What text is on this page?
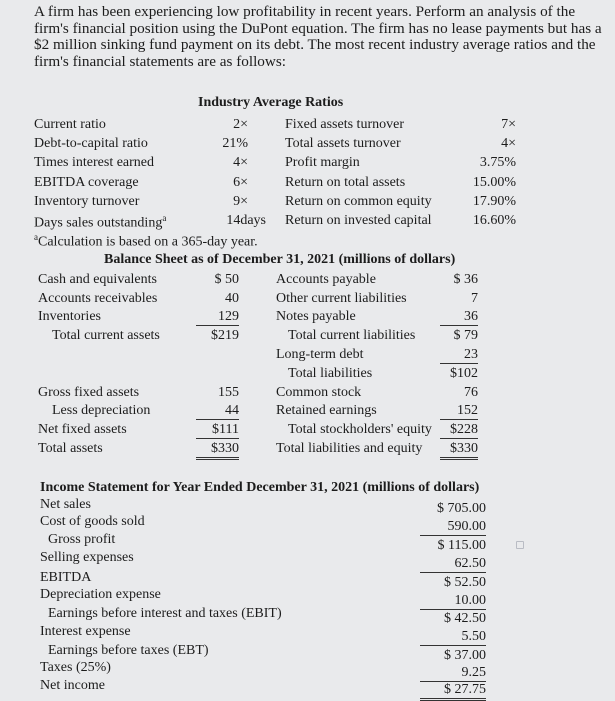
A firm has been experiencing low profitability in recent years. Perform an analysis of the firm's financial position using the DuPont equation. The firm has no lease payments but has a $2 million sinking fund payment on its debt. The most recent industry average ratios and the firm's financial statements are as follows:
Industry Average Ratios
Current ratio	2×
Debt-to-capital ratio	21%
Times interest earned	4×
EBITDA coverage	6×
Inventory turnover	9×
Days sales outstanding$^a$	14days
Fixed assets turnover	7×
Total assets turnover	4×
Profit margin	3.75%
Return on total assets	15.00%
Return on common equity	17.90%
Return on invested capital	16.60%
$^a$Calculation is based on a 365-day year.
Balance Sheet as of December 31, 2021 (millions of dollars)
Cash and equivalents	$ 50
Accounts receivables	40
Inventories	129
Total current assets	$219
Gross fixed assets	155
Less depreciation	44
Net fixed assets	$111
Total assets	$330
Accounts payable	$ 36
Other current liabilities	7
Notes payable	36
Total current liabilities	$ 79
Long-term debt	23
Total liabilities	$102
Common stock	76
Retained earnings	152
Total stockholders' equity	$228
Total liabilities and equity	$330
Income Statement for Year Ended December 31, 2021 (millions of dollars)
Net sales	$ 705.00
Cost of goods sold	590.00
Gross profit	$ 115.00
Selling expenses	62.50
EBITDA	$ 52.50
Depreciation expense	10.00
Earnings before interest and taxes (EBIT)	$ 42.50
Interest expense	5.50
Earnings before taxes (EBT)	$ 37.00
Taxes (25%)	9.25
Net income	$ 27.75
